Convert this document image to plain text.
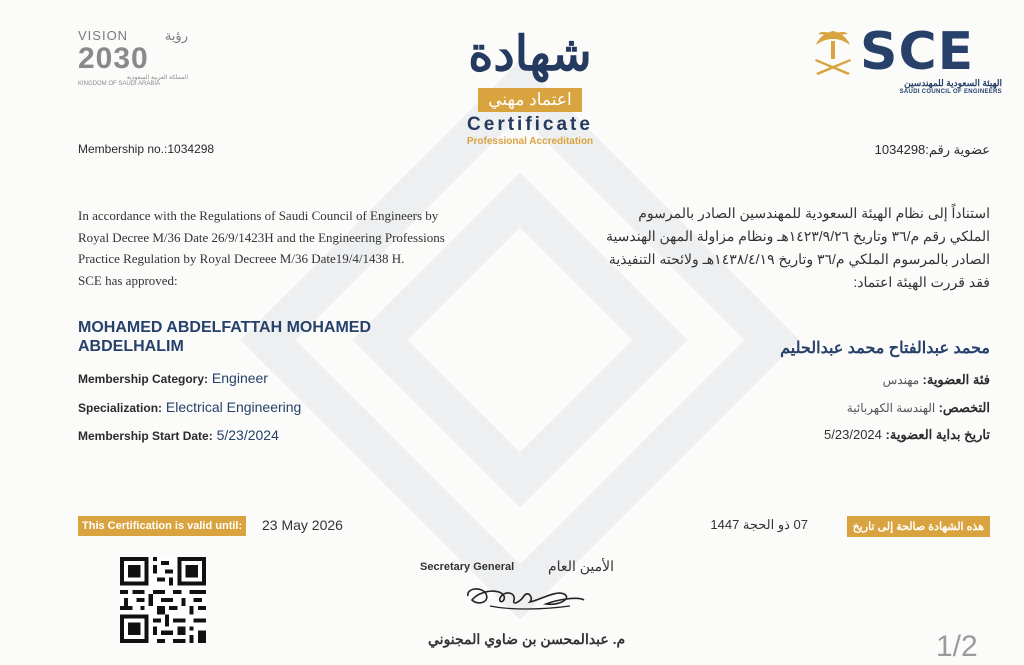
VISION	رؤية
2030
المملكة العربية السعودية
KINGDOM OF SAUDI ARABIA
SCE
الهيئة السعودية للمهندسين
SAUDI COUNCIL OF ENGINEERS
شهادة
اعتماد مهني
Certificate
Professional Accreditation
Membership no.:1034298	عضوية رقم:1034298
In accordance with the Regulations of Saudi Council of Engineers by
Royal Decree M/36 Date 26/9/1423H and the Engineering Professions
Practice Regulation by Royal Decreee M/36 Date19/4/1438 H.
SCE has approved:
استناداً إلى نظام الهيئة السعودية للمهندسين الصادر بالمرسوم
الملكي رقم م/٣٦ وتاريخ ١٤٢٣/٩/٢٦هـ ونظام مزاولة المهن الهندسية
الصادر بالمرسوم الملكي م/٣٦ وتاريخ ١٤٣٨/٤/١٩هـ ولائحته التنفيذية
فقد قررت الهيئة اعتماد:
MOHAMED ABDELFATTAH MOHAMED ABDELHALIM	محمد عبدالفتاح محمد عبدالحليم
Membership Category: Engineer
Specialization: Electrical Engineering
Membership Start Date: 5/23/2024
فئة العضوية: مهندس
التخصص: الهندسة الكهربائية
تاريخ بداية العضوية: 5/23/2024
This Certification is valid until: 23 May 2026	هذه الشهادة صالحة إلى تاريخ
07 ذو الحجة 1447
Secretary General الأمين العام
م. عبدالمحسن بن ضاوي المجنوني	1/2
